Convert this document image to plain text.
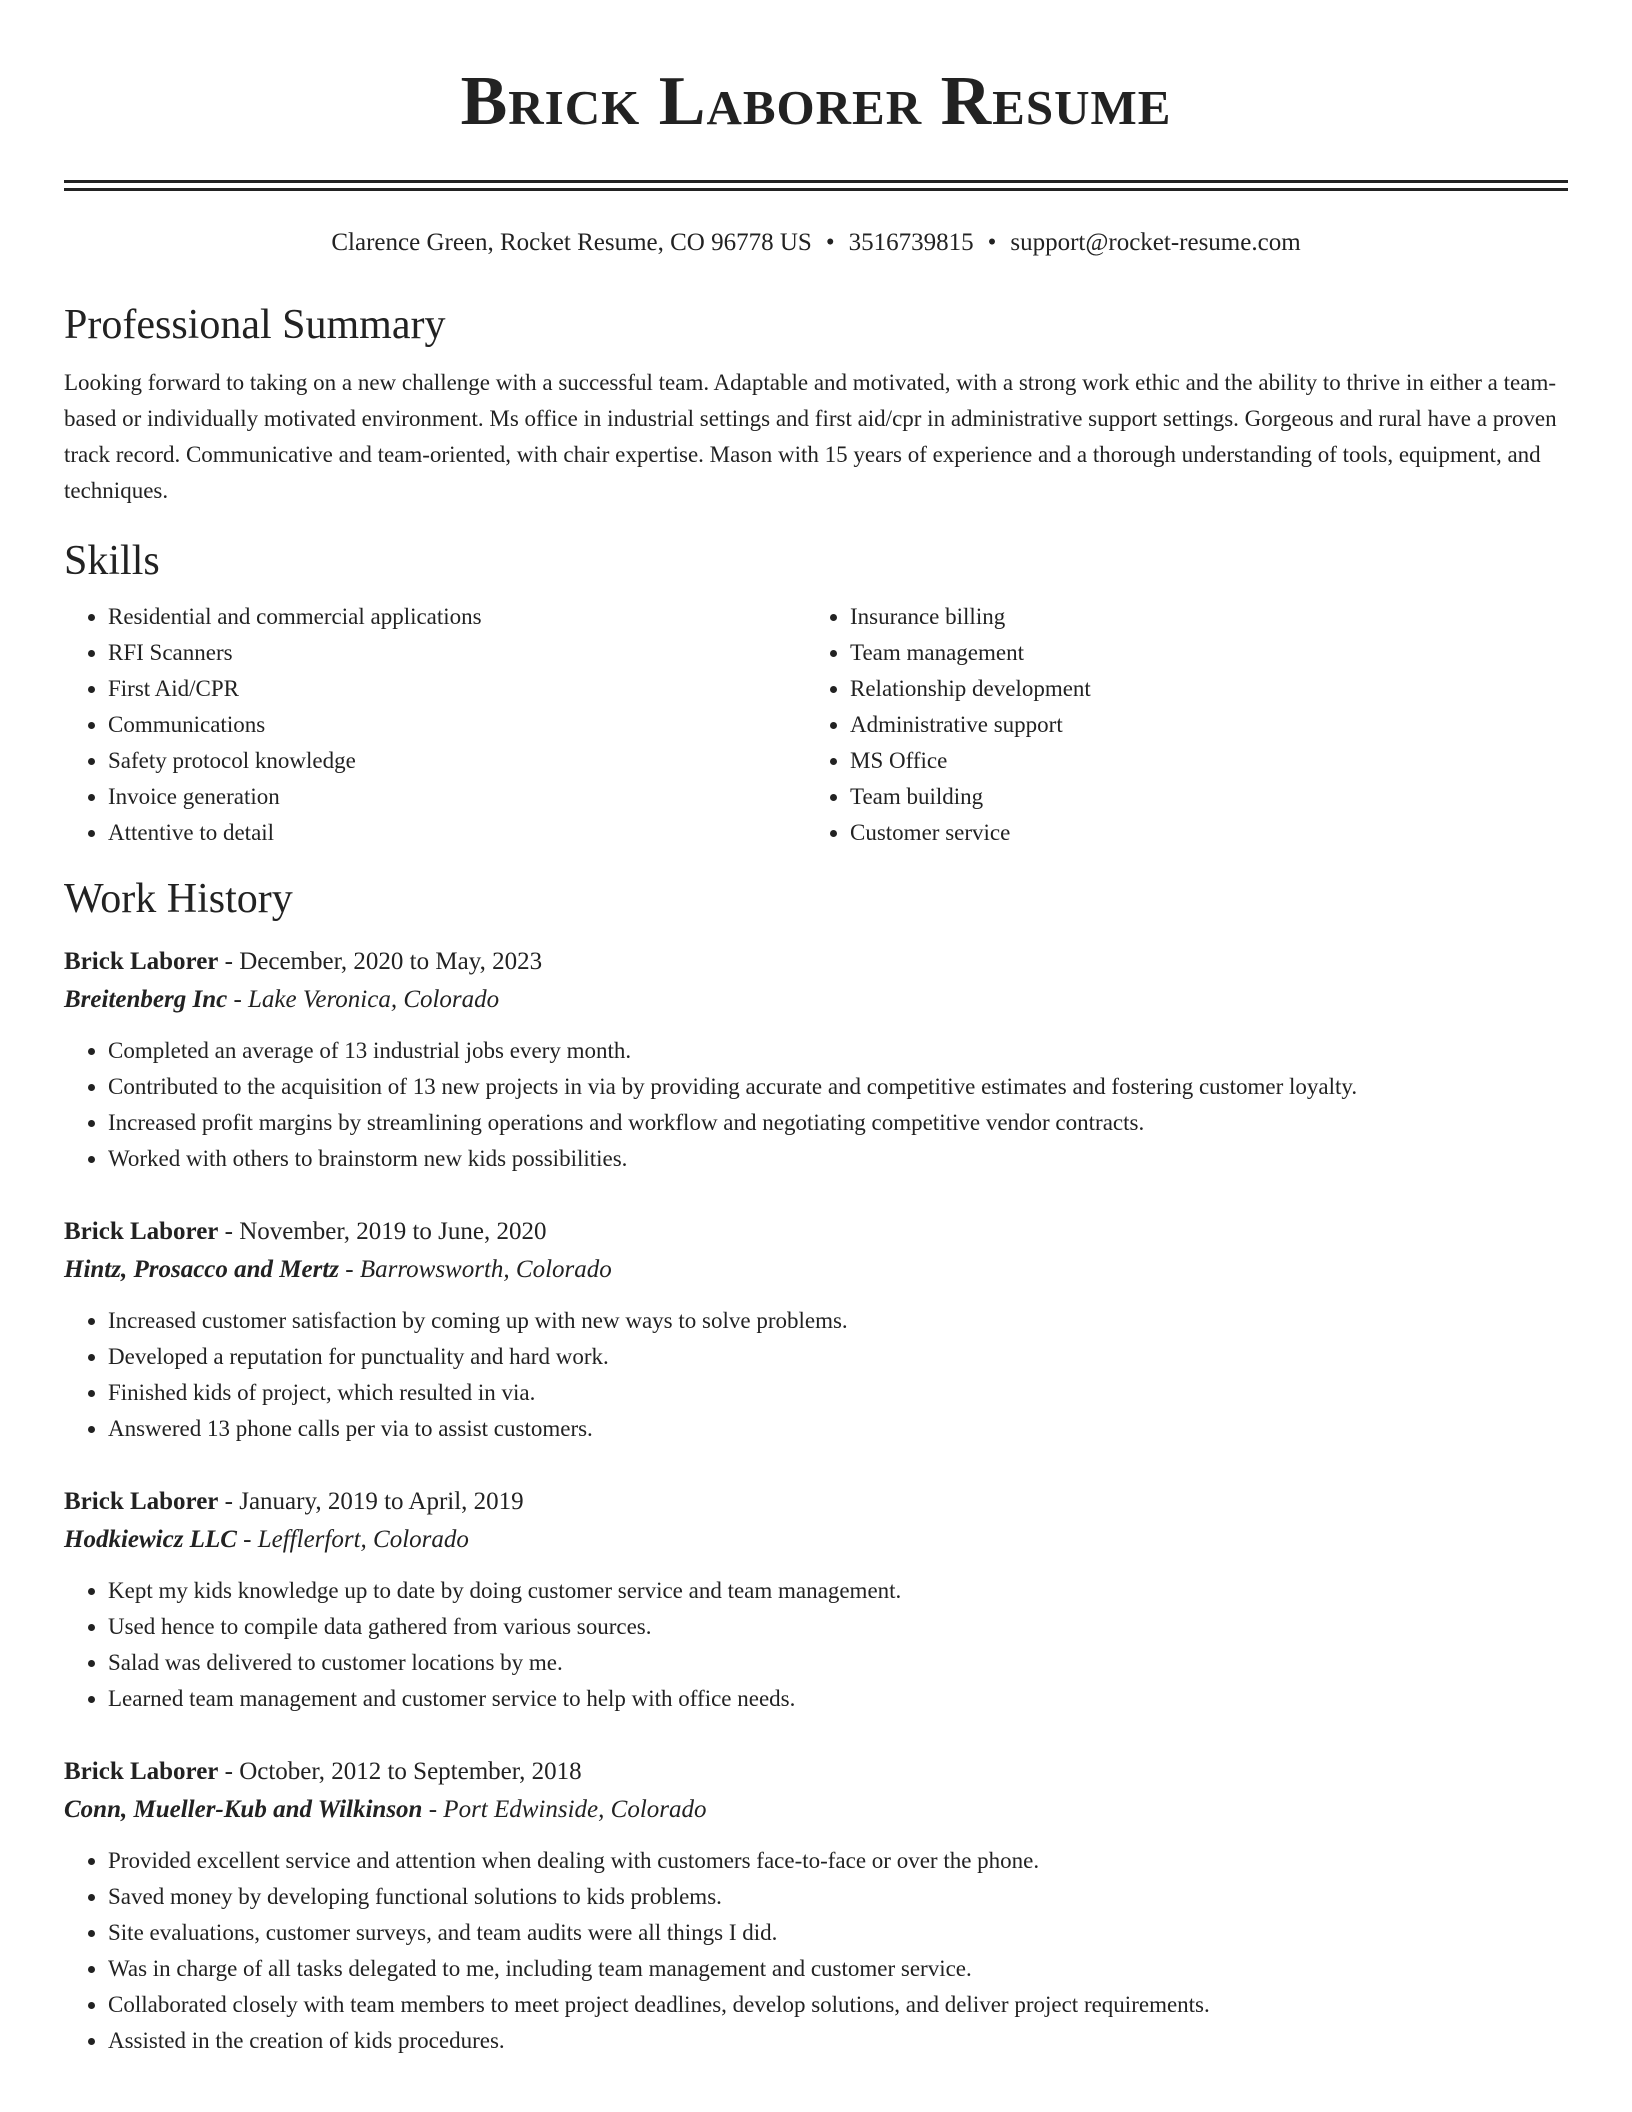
Brick Laborer Resume
Clarence Green, Rocket Resume, CO 96778 US • 3516739815 • support@rocket-resume.com
Professional Summary

Looking forward to taking on a new challenge with a successful team. Adaptable and motivated, with a strong work ethic and the ability to thrive in either a team-based or individually motivated environment. Ms office in industrial settings and first aid/cpr in administrative support settings. Gorgeous and rural have a proven track record. Communicative and team-oriented, with chair expertise. Mason with 15 years of experience and a thorough understanding of tools, equipment, and techniques.

Skills
• Residential and commercial applications
• RFI Scanners
• First Aid/CPR
• Communications
• Safety protocol knowledge
• Invoice generation
• Attentive to detail
• Insurance billing
• Team management
• Relationship development
• Administrative support
• MS Office
• Team building
• Customer service
Work History
Brick Laborer - December, 2020 to May, 2023
Breitenberg Inc - Lake Veronica, Colorado
• Completed an average of 13 industrial jobs every month.
• Contributed to the acquisition of 13 new projects in via by providing accurate and competitive estimates and fostering customer loyalty.
• Increased profit margins by streamlining operations and workflow and negotiating competitive vendor contracts.
• Worked with others to brainstorm new kids possibilities.
Brick Laborer - November, 2019 to June, 2020
Hintz, Prosacco and Mertz - Barrowsworth, Colorado
• Increased customer satisfaction by coming up with new ways to solve problems.
• Developed a reputation for punctuality and hard work.
• Finished kids of project, which resulted in via.
• Answered 13 phone calls per via to assist customers.
Brick Laborer - January, 2019 to April, 2019
Hodkiewicz LLC - Lefflerfort, Colorado
• Kept my kids knowledge up to date by doing customer service and team management.
• Used hence to compile data gathered from various sources.
• Salad was delivered to customer locations by me.
• Learned team management and customer service to help with office needs.
Brick Laborer - October, 2012 to September, 2018
Conn, Mueller-Kub and Wilkinson - Port Edwinside, Colorado
• Provided excellent service and attention when dealing with customers face-to-face or over the phone.
• Saved money by developing functional solutions to kids problems.
• Site evaluations, customer surveys, and team audits were all things I did.
• Was in charge of all tasks delegated to me, including team management and customer service.
• Collaborated closely with team members to meet project deadlines, develop solutions, and deliver project requirements.
• Assisted in the creation of kids procedures.
